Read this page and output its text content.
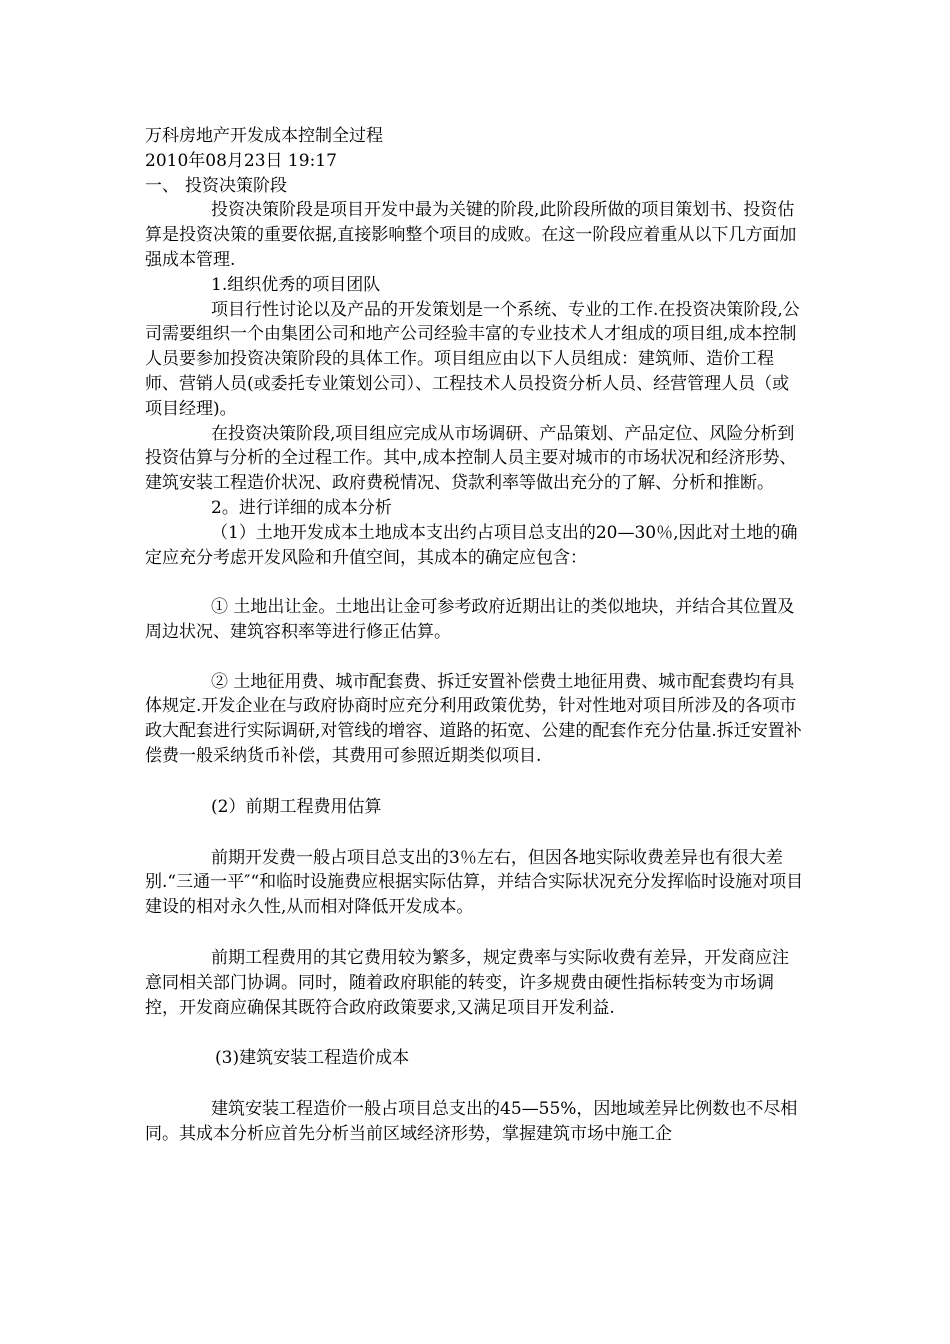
万科房地产开发成本控制全过程

2010年08月23日 19:17

一、 投资决策阶段

投资决策阶段是项目开发中最为关键的阶段,此阶段所做的项目策划书、投资估算是投资决策的重要依据,直接影响整个项目的成败。在这一阶段应着重从以下几方面加强成本管理.

1.组织优秀的项目团队

项目行性讨论以及产品的开发策划是一个系统、专业的工作.在投资决策阶段,公司需要组织一个由集团公司和地产公司经验丰富的专业技术人才组成的项目组,成本控制人员要参加投资决策阶段的具体工作。项目组应由以下人员组成：建筑师、造价工程师、营销人员(或委托专业策划公司）、工程技术人员投资分析人员、经营管理人员（或项目经理)。

在投资决策阶段,项目组应完成从市场调研、产品策划、产品定位、风险分析到投资估算与分析的全过程工作。其中,成本控制人员主要对城市的市场状况和经济形势、建筑安装工程造价状况、政府费税情况、贷款利率等做出充分的了解、分析和推断。

2。进行详细的成本分析

（1）土地开发成本土地成本支出约占项目总支出的20—30％,因此对土地的确定应充分考虑开发风险和升值空间，其成本的确定应包含：

① 土地出让金。土地出让金可参考政府近期出让的类似地块，并结合其位置及周边状况、建筑容积率等进行修正估算。

② 土地征用费、城市配套费、拆迁安置补偿费土地征用费、城市配套费均有具体规定.开发企业在与政府协商时应充分利用政策优势，针对性地对项目所涉及的各项市政大配套进行实际调研,对管线的增容、道路的拓宽、公建的配套作充分估量.拆迁安置补偿费一般采纳货币补偿，其费用可参照近期类似项目.

(2）前期工程费用估算

前期开发费一般占项目总支出的3％左右，但因各地实际收费差异也有很大差别.“三通一平″“和临时设施费应根据实际估算，并结合实际状况充分发挥临时设施对项目建设的相对永久性,从而相对降低开发成本。

前期工程费用的其它费用较为繁多，规定费率与实际收费有差异，开发商应注意同相关部门协调。同时，随着政府职能的转变，许多规费由硬性指标转变为市场调控，开发商应确保其既符合政府政策要求,又满足项目开发利益.

(3)建筑安装工程造价成本

建筑安装工程造价一般占项目总支出的45—55%，因地域差异比例数也不尽相同。其成本分析应首先分析当前区域经济形势，掌握建筑市场中施工企
